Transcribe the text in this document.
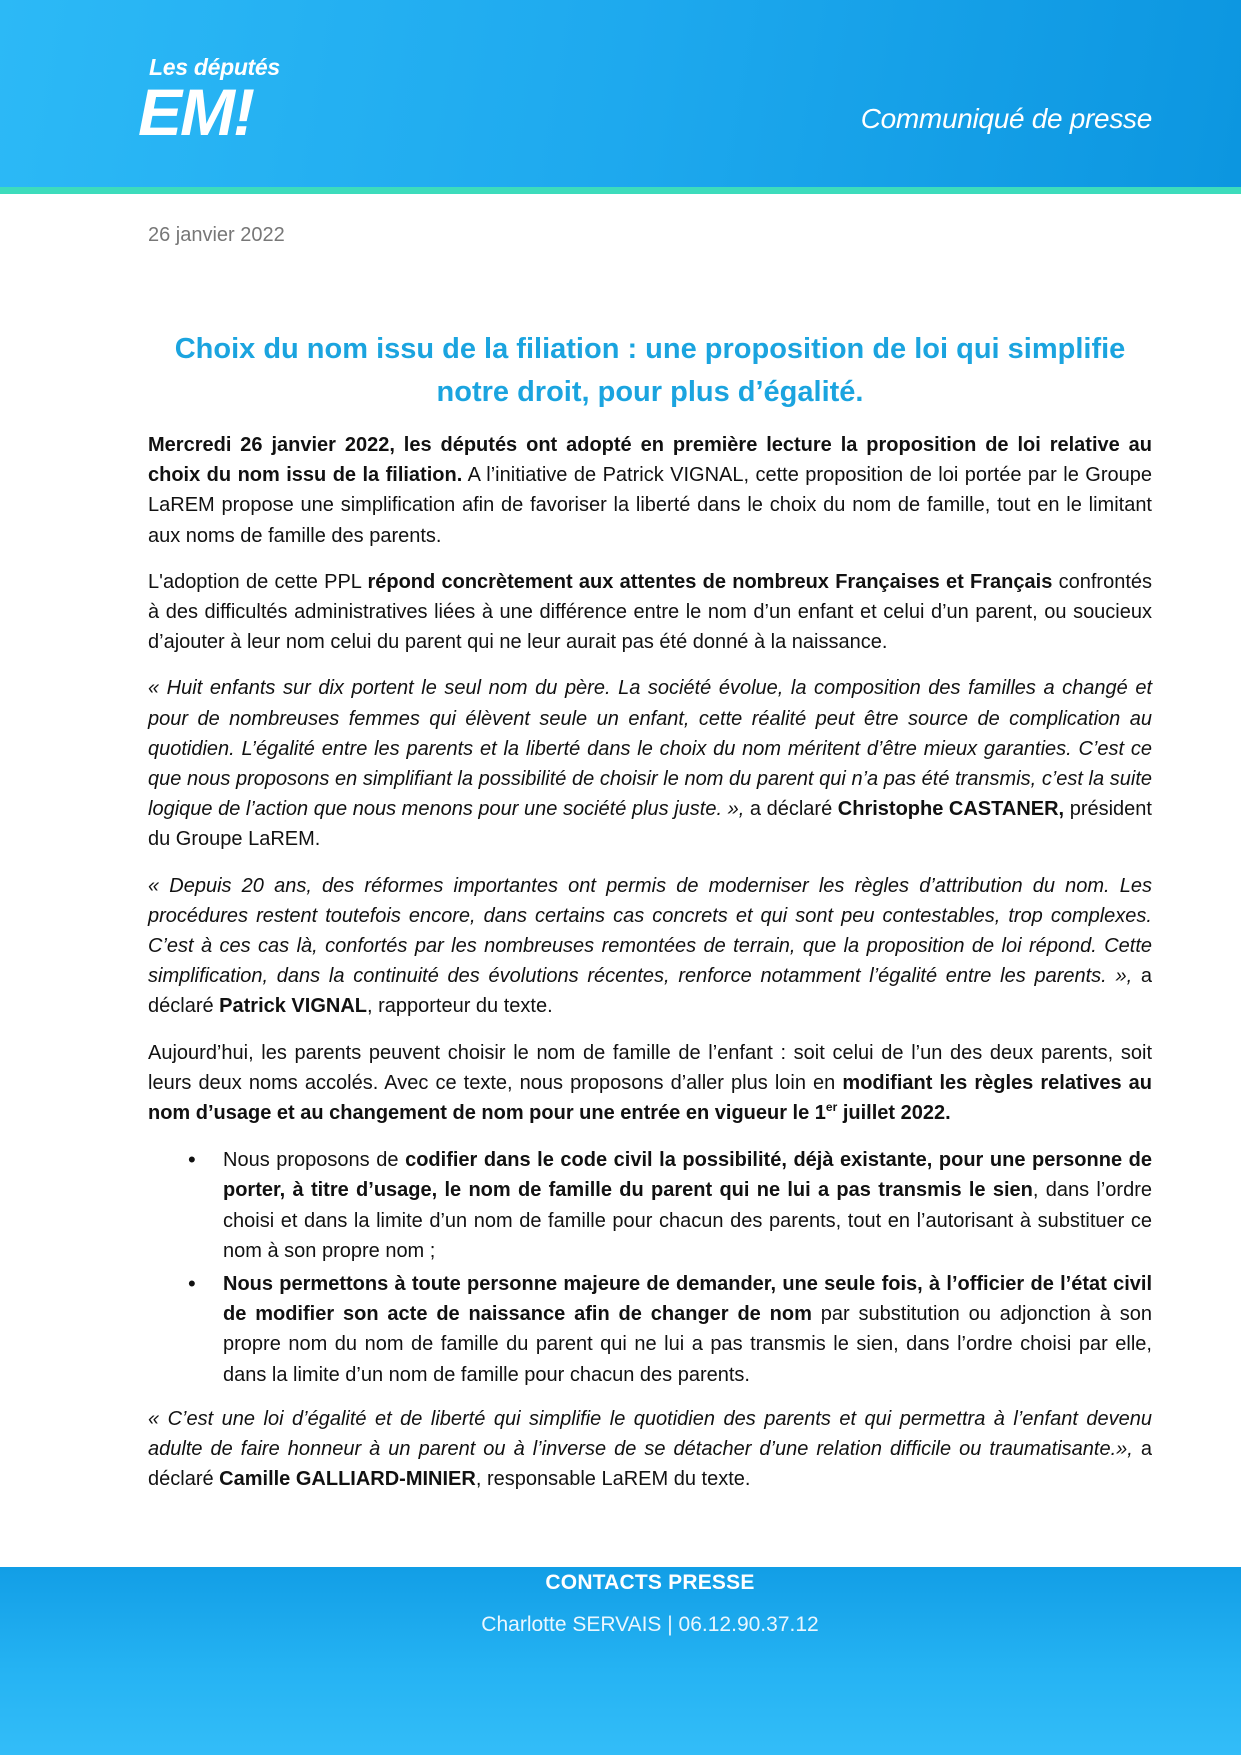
Les députés
EM!	Communiqué de presse
26 janvier 2022
Choix du nom issu de la filiation : une proposition de loi qui simplifie
notre droit, pour plus d’égalité.

Mercredi 26 janvier 2022, les députés ont adopté en première lecture la proposition de loi relative au choix du nom issu de la filiation. A l’initiative de Patrick VIGNAL, cette proposition de loi portée par le Groupe LaREM propose une simplification afin de favoriser la liberté dans le choix du nom de famille, tout en le limitant aux noms de famille des parents.

L'adoption de cette PPL répond concrètement aux attentes de nombreux Françaises et Français confrontés à des difficultés administratives liées à une différence entre le nom d’un enfant et celui d’un parent, ou soucieux d’ajouter à leur nom celui du parent qui ne leur aurait pas été donné à la naissance.

« Huit enfants sur dix portent le seul nom du père. La société évolue, la composition des familles a changé et pour de nombreuses femmes qui élèvent seule un enfant, cette réalité peut être source de complication au quotidien. L’égalité entre les parents et la liberté dans le choix du nom méritent d’être mieux garanties. C’est ce que nous proposons en simplifiant la possibilité de choisir le nom du parent qui n’a pas été transmis, c’est la suite logique de l’action que nous menons pour une société plus juste. », a déclaré Christophe CASTANER, président du Groupe LaREM.

« Depuis 20 ans, des réformes importantes ont permis de moderniser les règles d’attribution du nom. Les procédures restent toutefois encore, dans certains cas concrets et qui sont peu contestables, trop complexes. C’est à ces cas là, confortés par les nombreuses remontées de terrain, que la proposition de loi répond. Cette simplification, dans la continuité des évolutions récentes, renforce notamment l’égalité entre les parents. », a déclaré Patrick VIGNAL, rapporteur du texte.

Aujourd’hui, les parents peuvent choisir le nom de famille de l’enfant : soit celui de l’un des deux parents, soit leurs deux noms accolés. Avec ce texte, nous proposons d’aller plus loin en modifiant les règles relatives au nom d’usage et au changement de nom pour une entrée en vigueur le 1er juillet 2022.

• Nous proposons de codifier dans le code civil la possibilité, déjà existante, pour une personne de porter, à titre d’usage, le nom de famille du parent qui ne lui a pas transmis le sien, dans l’ordre choisi et dans la limite d’un nom de famille pour chacun des parents, tout en l’autorisant à substituer ce nom à son propre nom ;
• Nous permettons à toute personne majeure de demander, une seule fois, à l’officier de l’état civil de modifier son acte de naissance afin de changer de nom par substitution ou adjonction à son propre nom du nom de famille du parent qui ne lui a pas transmis le sien, dans l’ordre choisi par elle, dans la limite d’un nom de famille pour chacun des parents.

« C’est une loi d’égalité et de liberté qui simplifie le quotidien des parents et qui permettra à l’enfant devenu adulte de faire honneur à un parent ou à l’inverse de se détacher d’une relation difficile ou traumatisante.», a déclaré Camille GALLIARD-MINIER, responsable LaREM du texte.

CONTACTS PRESSE
Charlotte SERVAIS | 06.12.90.37.12
